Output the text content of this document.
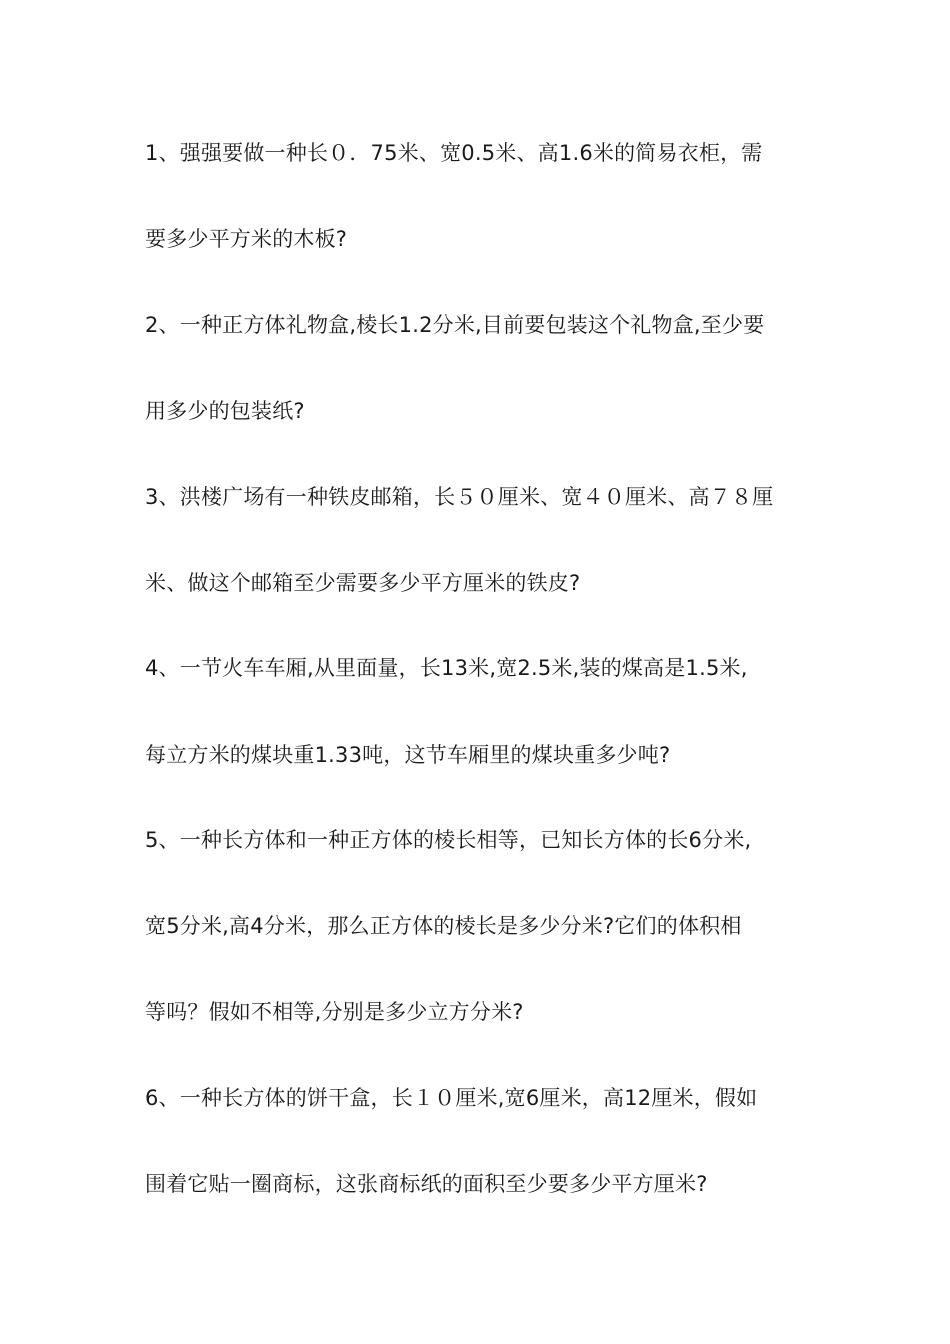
1、强强要做一种长０．75米、宽0.5米、高1.6米的简易衣柜，需
要多少平方米的木板?
2、一种正方体礼物盒,棱长1.2分米,目前要包装这个礼物盒,至少要
用多少的包装纸?
3、洪楼广场有一种铁皮邮箱，长５０厘米、宽４０厘米、高７８厘
米、做这个邮箱至少需要多少平方厘米的铁皮?
4、一节火车车厢,从里面量，长13米,宽2.5米,装的煤高是1.5米,
每立方米的煤块重1.33吨，这节车厢里的煤块重多少吨?
5、一种长方体和一种正方体的棱长相等，已知长方体的长6分米,
宽5分米,高4分米，那么正方体的棱长是多少分米?它们的体积相
等吗？假如不相等,分别是多少立方分米?
6、一种长方体的饼干盒，长１０厘米,宽6厘米，高12厘米，假如
围着它贴一圈商标，这张商标纸的面积至少要多少平方厘米?
